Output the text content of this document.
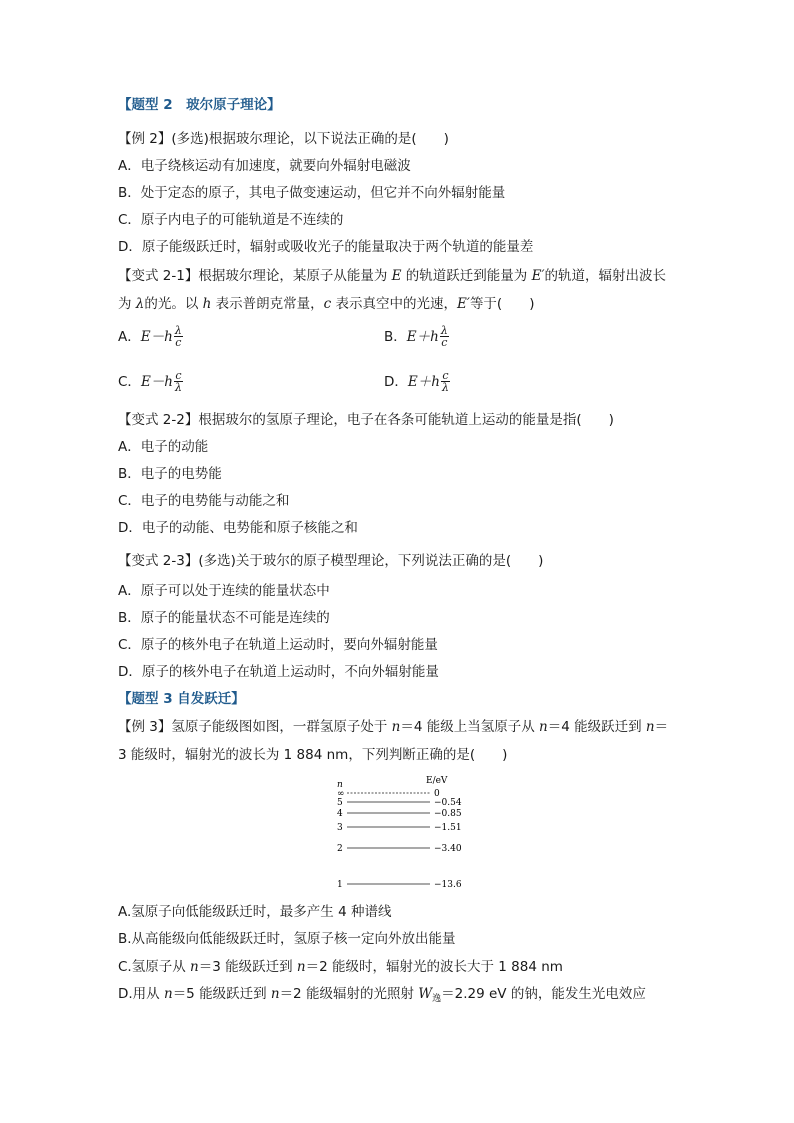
【题型 2　玻尔原子理论】
【例 2】(多选)根据玻尔理论，以下说法正确的是(　　)
A．电子绕核运动有加速度，就要向外辐射电磁波
B．处于定态的原子，其电子做变速运动，但它并不向外辐射能量
C．原子内电子的可能轨道是不连续的
D．原子能级跃迁时，辐射或吸收光子的能量取决于两个轨道的能量差
【变式 2-1】根据玻尔理论，某原子从能量为 E 的轨道跃迁到能量为 E′的轨道，辐射出波长
为 λ的光。以 h 表示普朗克常量，c 表示真空中的光速，E′等于(　　)
A． $E-h \frac{\lambda}{c}$	B． $E+h \frac{\lambda}{c}$
C． $E-h \frac{c}{\lambda}$	D． $E+h \frac{c}{\lambda}$
【变式 2-2】根据玻尔的氢原子理论，电子在各条可能轨道上运动的能量是指(　　)
A．电子的动能
B．电子的电势能
C．电子的电势能与动能之和
D．电子的动能、电势能和原子核能之和
【变式 2-3】(多选)关于玻尔的原子模型理论，下列说法正确的是(　　)
A．原子可以处于连续的能量状态中
B．原子的能量状态不可能是连续的
C．原子的核外电子在轨道上运动时，要向外辐射能量
D．原子的核外电子在轨道上运动时，不向外辐射能量
【题型 3 自发跃迁】
【例 3】氢原子能级图如图，一群氢原子处于 n＝4 能级上当氢原子从 n＝4 能级跃迁到 n＝
3 能级时，辐射光的波长为 1 884 nm，下列判断正确的是(　　)
n	E/eV
∞	0
5	−0.54
4	−0.85
3	−1.51
2	−3.40
1	−13.6
A.氢原子向低能级跃迁时，最多产生 4 种谱线
B.从高能级向低能级跃迁时，氢原子核一定向外放出能量
C.氢原子从 n＝3 能级跃迁到 n＝2 能级时，辐射光的波长大于 1 884 nm
D.用从 n＝5 能级跃迁到 n＝2 能级辐射的光照射 $W_逸=2.29$ eV 的钠，能发生光电效应
